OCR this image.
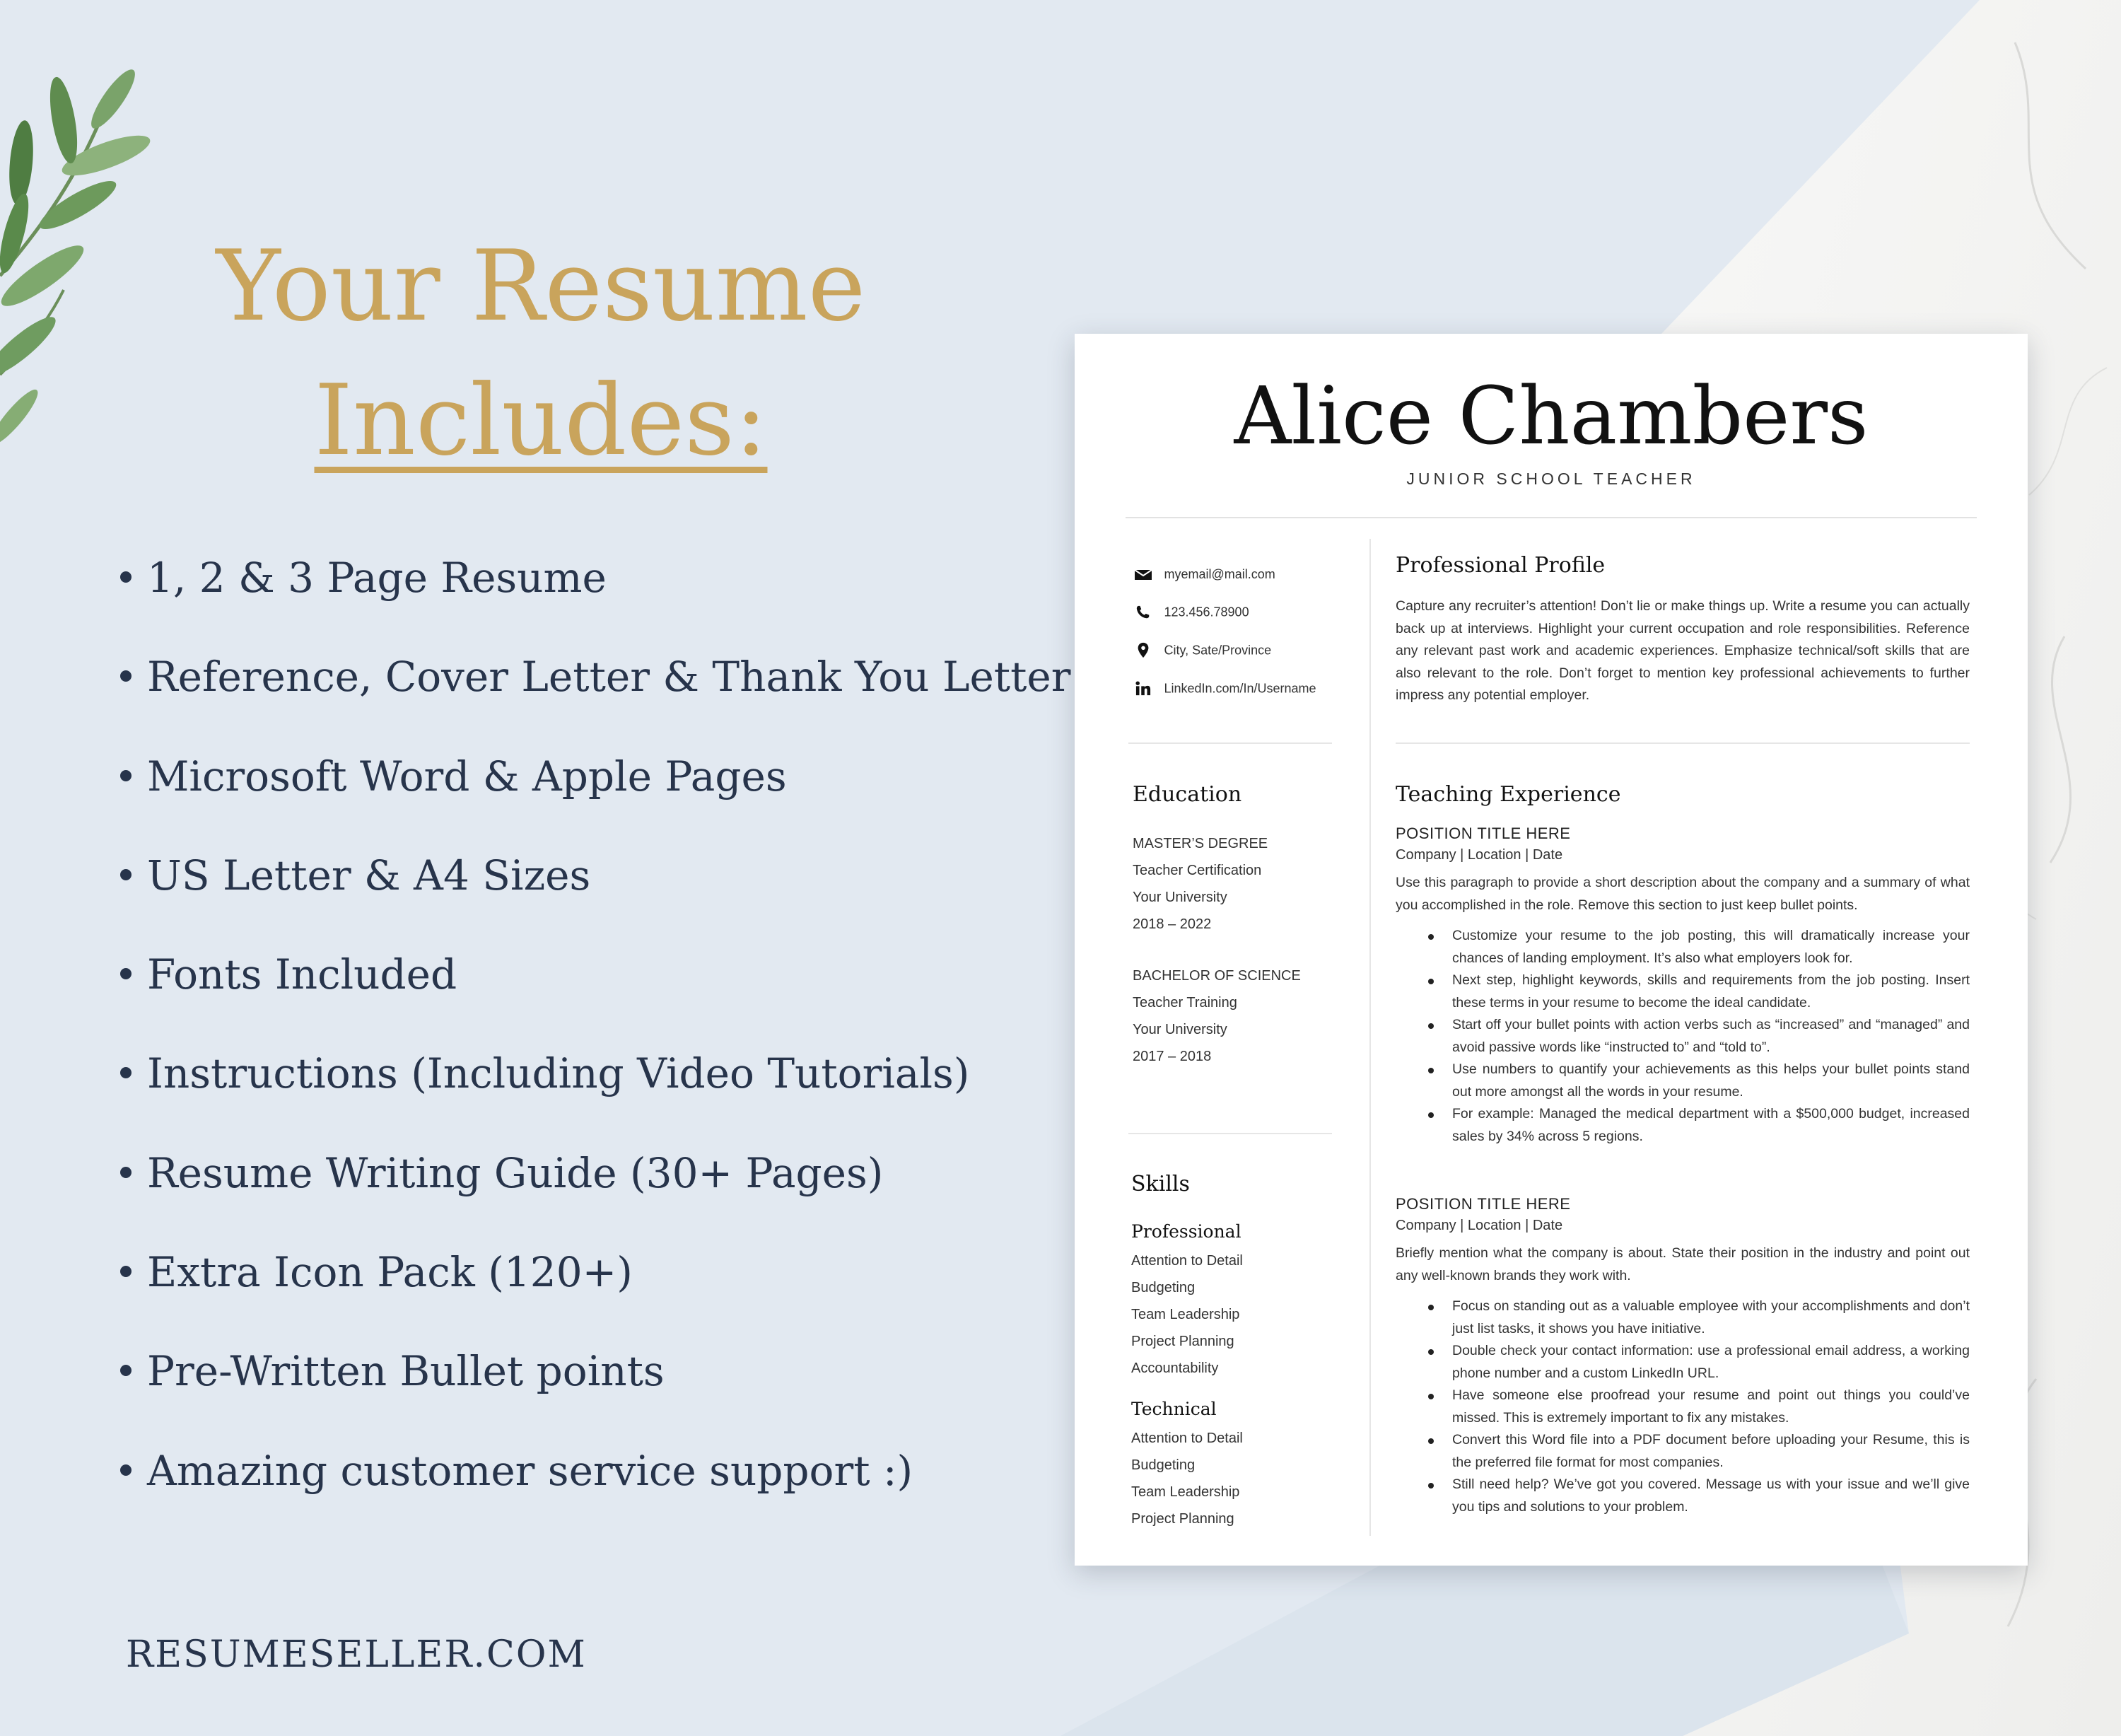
Your Resume
Includes:
1, 2 & 3 Page Resume
Reference, Cover Letter & Thank You Letter
Microsoft Word & Apple Pages
US Letter & A4 Sizes
Fonts Included
Instructions (Including Video Tutorials)
Resume Writing Guide (30+ Pages)
Extra Icon Pack (120+)
Pre-Written Bullet points
Amazing customer service support :)
RESUMESELLER.COM
Alice Chambers
JUNIOR SCHOOL TEACHER
myemail@mail.com
123.456.78900
City, Sate/Province
LinkedIn.com/In/Username
Education
MASTER’S DEGREE
Teacher Certification
Your University
2018 – 2022
BACHELOR OF SCIENCE
Teacher Training
Your University
2017 – 2018
Skills
Professional
Attention to Detail
Budgeting
Team Leadership
Project Planning
Accountability
Technical
Attention to Detail
Budgeting
Team Leadership
Project Planning
Professional Profile

Capture any recruiter’s attention! Don’t lie or make things up. Write a resume you can actually back up at interviews. Highlight your current occupation and role responsibilities. Reference any relevant past work and academic experiences. Emphasize technical/soft skills that are also relevant to the role. Don’t forget to mention key professional achievements to further impress any potential employer.

Teaching Experience
POSITION TITLE HERE
Company | Location | Date

Use this paragraph to provide a short description about the company and a summary of what you accomplished in the role. Remove this section to just keep bullet points.

Customize your resume to the job posting, this will dramatically increase your chances of landing employment. It’s also what employers look for.
Next step, highlight keywords, skills and requirements from the job posting. Insert these terms in your resume to become the ideal candidate.
Start off your bullet points with action verbs such as “increased” and “managed” and avoid passive words like “instructed to” and “told to”.
Use numbers to quantify your achievements as this helps your bullet points stand out more amongst all the words in your resume.
For example: Managed the medical department with a $500,000 budget, increased sales by 34% across 5 regions.
POSITION TITLE HERE
Company | Location | Date

Briefly mention what the company is about. State their position in the industry and point out any well-known brands they work with.

Focus on standing out as a valuable employee with your accomplishments and don’t just list tasks, it shows you have initiative.
Double check your contact information: use a professional email address, a working phone number and a custom LinkedIn URL.
Have someone else proofread your resume and point out things you could’ve missed. This is extremely important to fix any mistakes.
Convert this Word file into a PDF document before uploading your Resume, this is the preferred file format for most companies.
Still need help? We’ve got you covered. Message us with your issue and we’ll give you tips and solutions to your problem.
